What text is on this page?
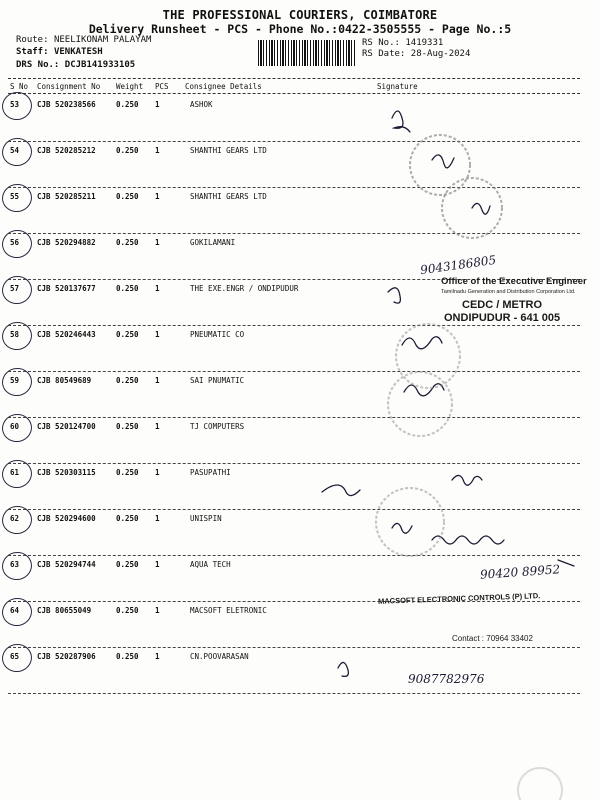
THE PROFESSIONAL COURIERS, COIMBATORE
Delivery Runsheet - PCS - Phone No.:0422-3505555 - Page No.:5
Route: NEELIKONAM PALAYAM
Staff: VENKATESH
DRS No.: DCJB141933105
RS No.: 1419331
RS Date: 28-Aug-2024
S No Consignment No Weight PCS Consignee Details	Signature
53 CJB 520238566	0.250 1	ASHOK
54 CJB 520285212	0.250 1	SHANTHI GEARS LTD
55 CJB 520285211	0.250 1	SHANTHI GEARS LTD
56 CJB 520294882	0.250 1	GOKILAMANI
57 CJB 520137677	0.250 1	THE EXE.ENGR / ONDIPUDUR
58 CJB 520246443	0.250 1	PNEUMATIC CO
59 CJB 80549689	0.250 1	SAI PNUMATIC
60 CJB 520124700	0.250 1	TJ COMPUTERS
61 CJB 520303115	0.250 1	PASUPATHI
62 CJB 520294600	0.250 1	UNISPIN
63 CJB 520294744	0.250 1	AQUA TECH
64 CJB 80655049	0.250 1	MACSOFT ELETRONIC
65 CJB 520287906	0.250 1	CN.POOVARASAN
9043186805
90420 89952
9087782976
Office of the Executive Engineer
Tamilnadu Generation and Distribution Corporation Ltd.
CEDC / METRO
ONDIPUDUR - 641 005
MACSOFT ELECTRONIC CONTROLS (P) LTD.
Contact : 70964 33402
